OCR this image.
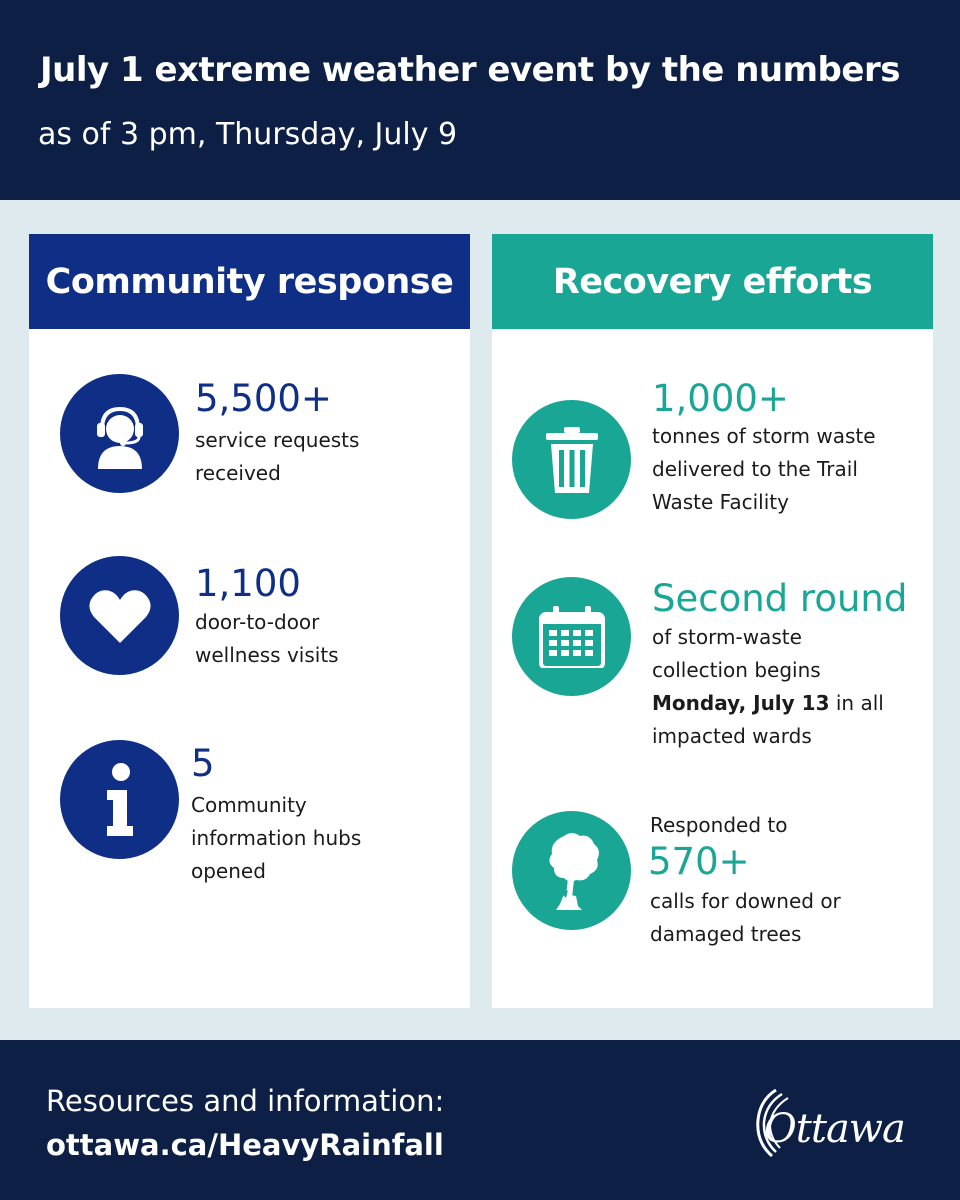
July 1 extreme weather event by the numbers
as of 3 pm, Thursday, July 9
Community response
5,500+
service requests
received
1,100
door-to-door
wellness visits
5
Community
information hubs
opened
Recovery efforts
1,000+
tonnes of storm waste
delivered to the Trail
Waste Facility
Second round
of storm-waste
collection begins
Monday, July 13 in all
impacted wards
Responded to
570+
calls for downed or
damaged trees
Resources and information:
ottawa.ca/HeavyRainfall	Ottawa
